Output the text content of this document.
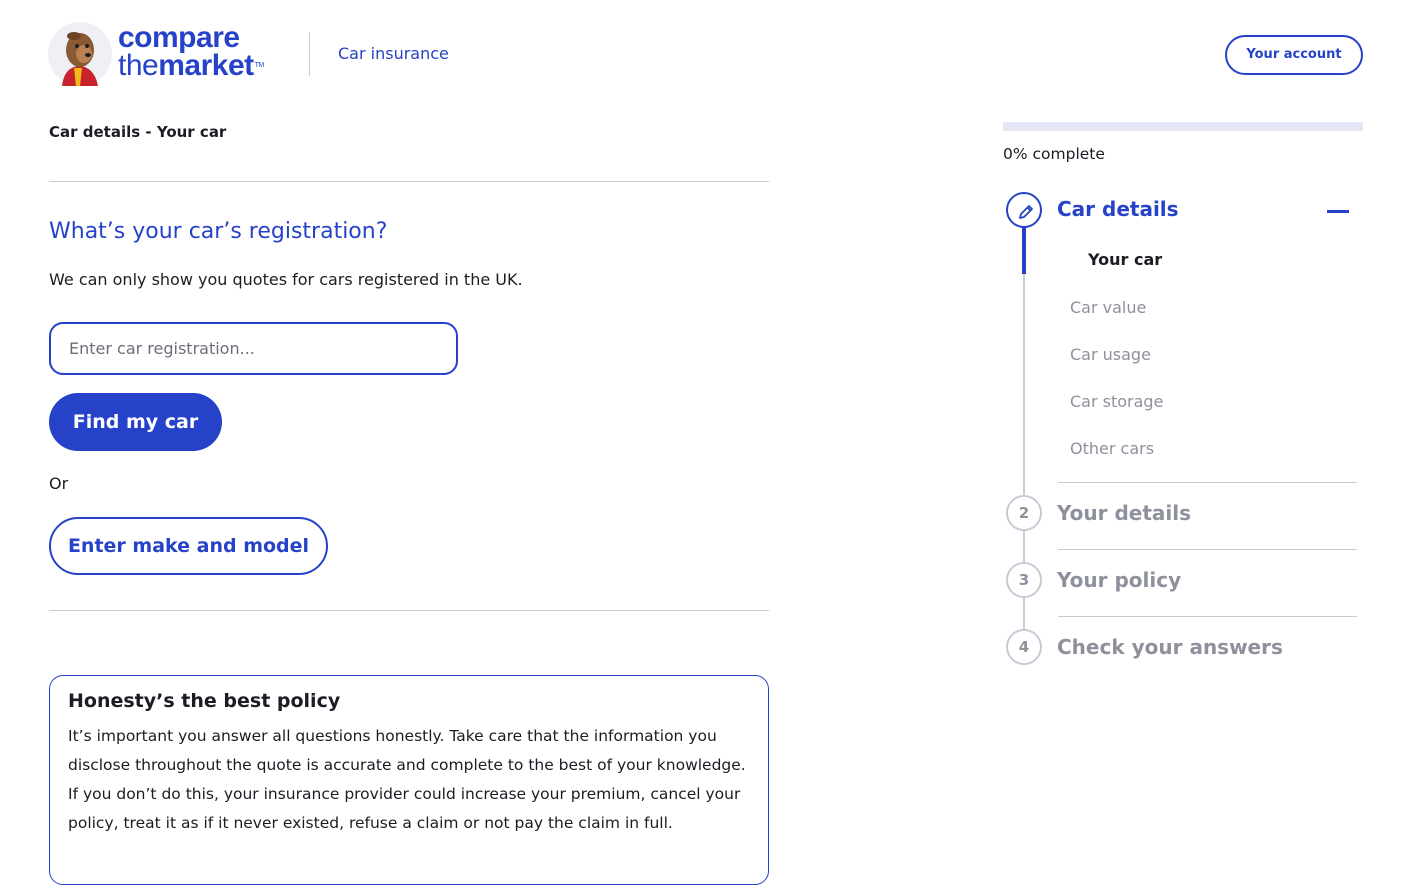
compare
themarket™
Car insurance	Your account
Car details - Your car
What’s your car’s registration?

We can only show you quotes for cars registered in the UK.

Enter car registration...
Find my car
Or
Enter make and model
Honesty’s the best policy
It’s important you answer all questions honestly. Take care that the information you disclose throughout the quote is accurate and complete to the best of your knowledge. If you don’t do this, your insurance provider could increase your premium, cancel your policy, treat it as if it never existed, refuse a claim or not pay the claim in full.
0% complete
Car details
Your car
Car value
Car usage
Car storage
Other cars
2	Your details
3	Your policy
4	Check your answers
